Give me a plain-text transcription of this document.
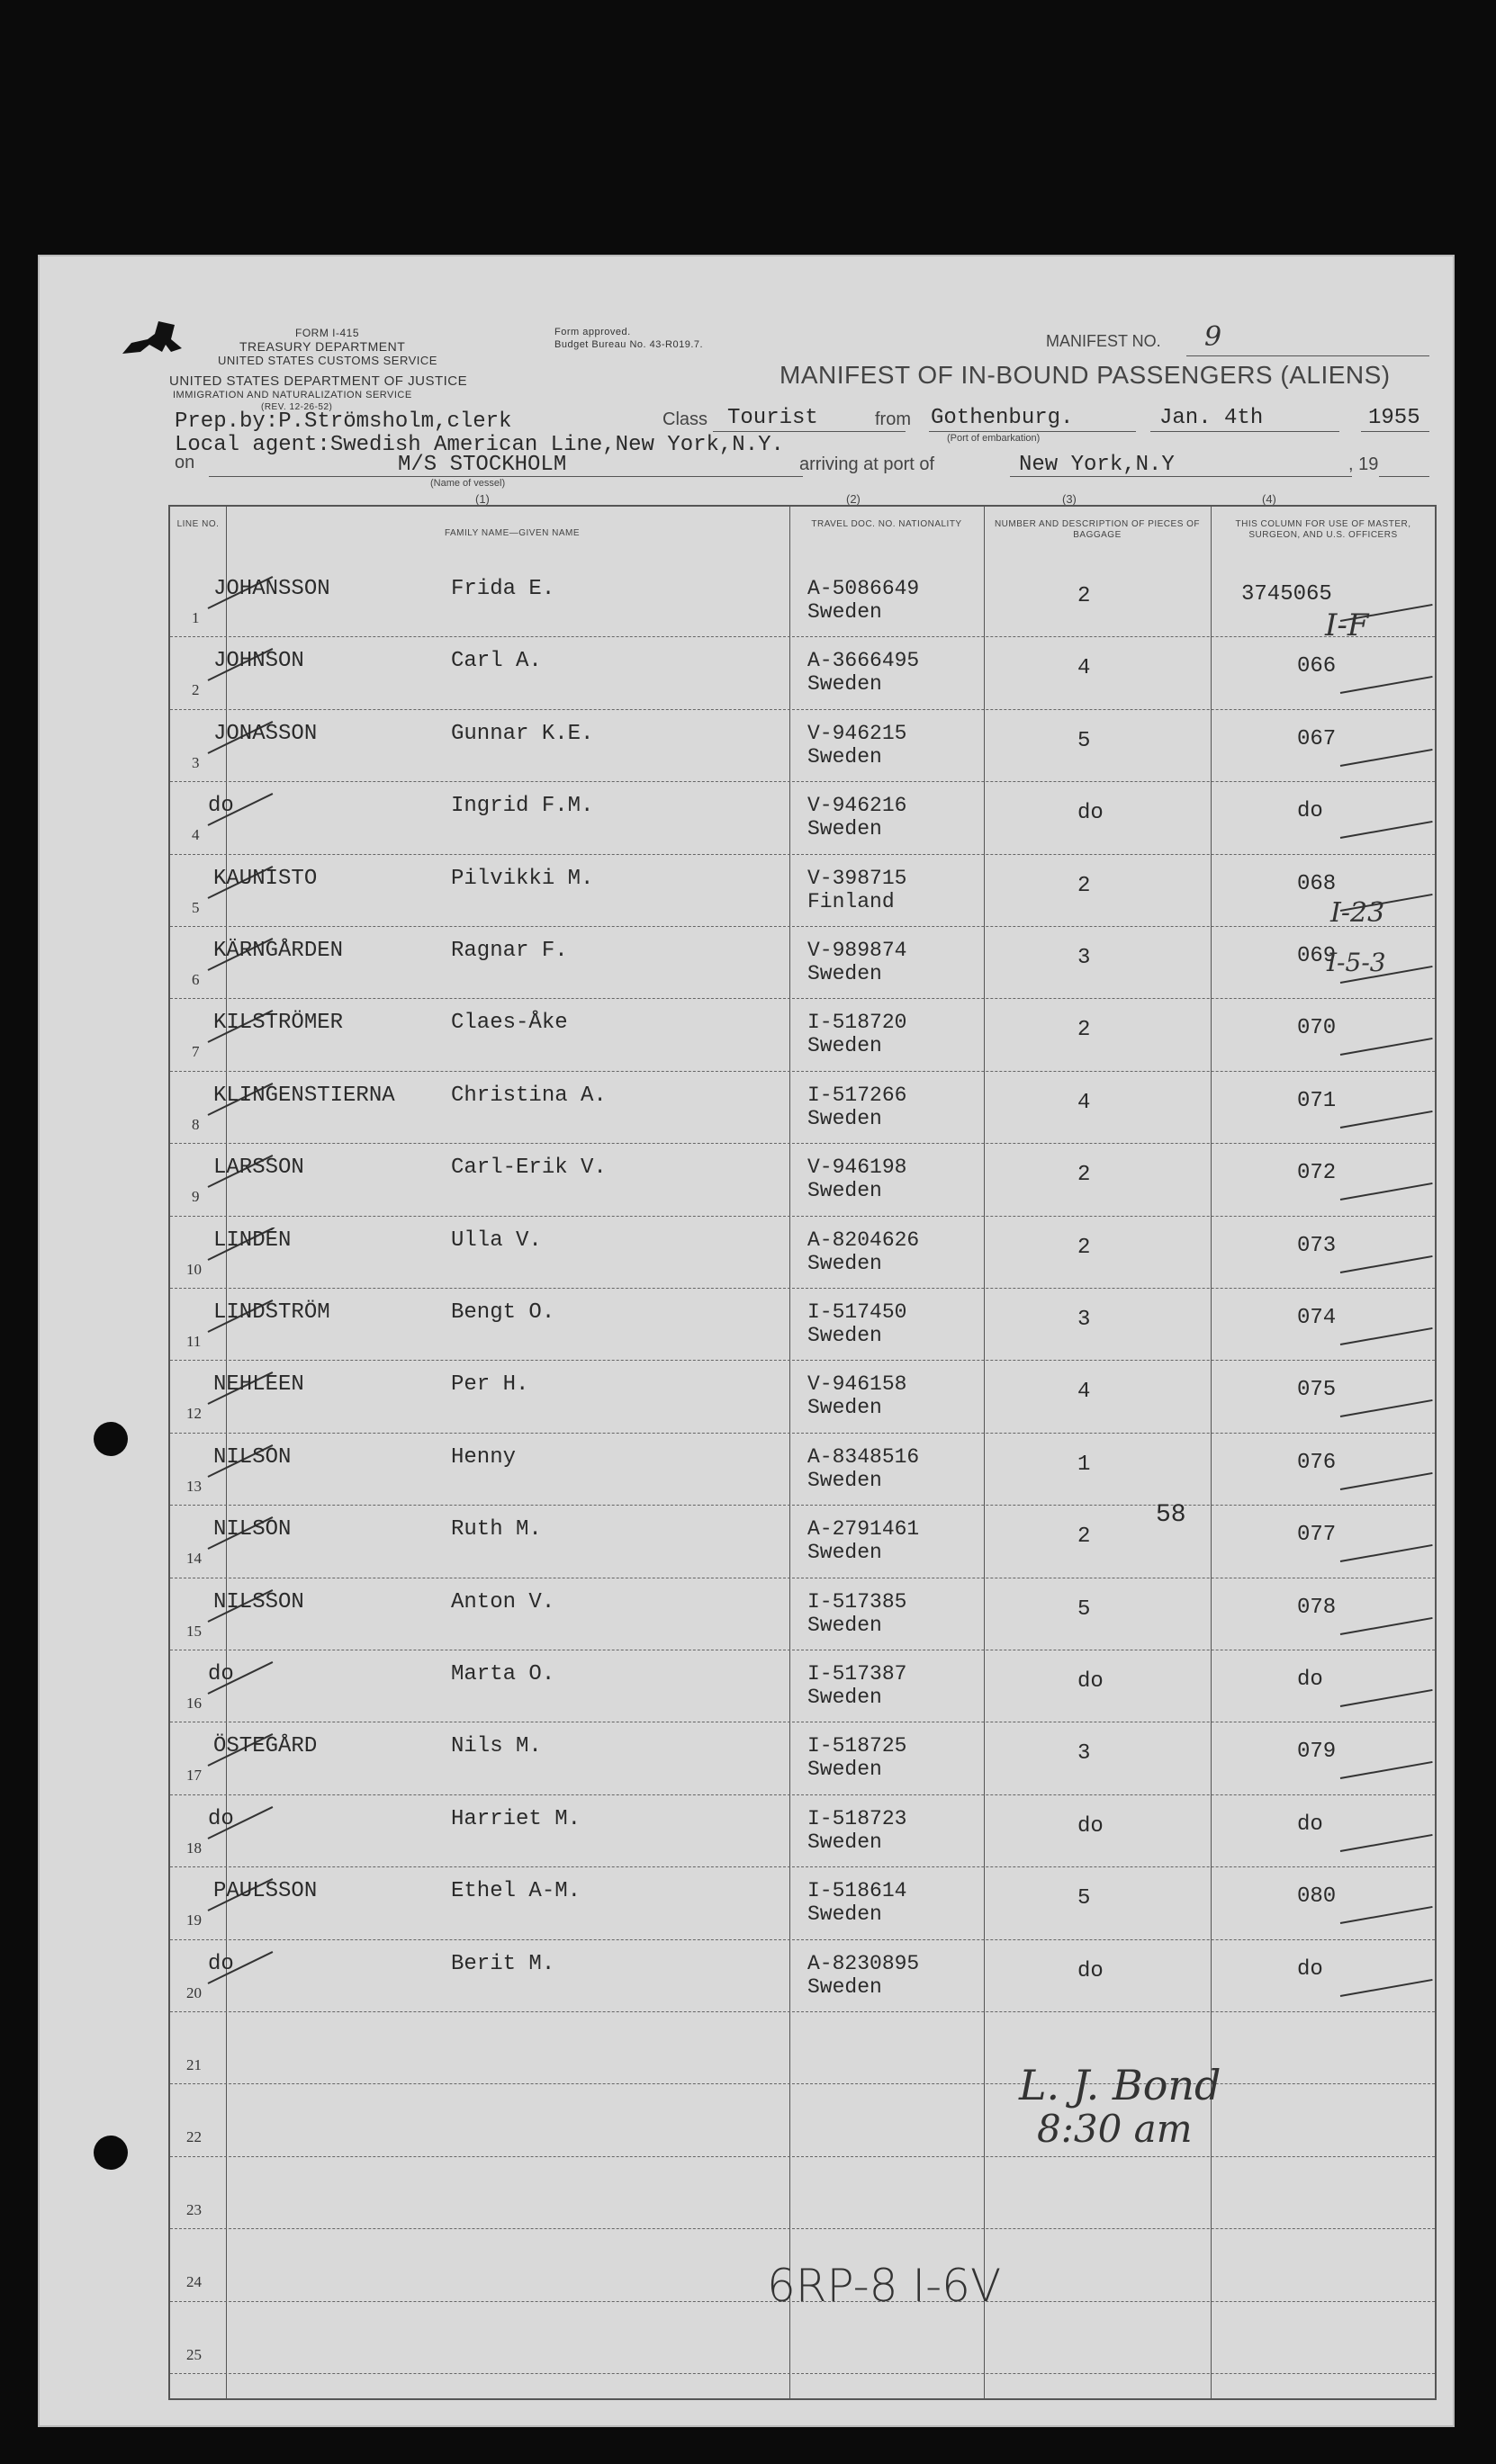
FORM I-415
TREASURY DEPARTMENT
UNITED STATES CUSTOMS SERVICE
UNITED STATES DEPARTMENT OF JUSTICE
IMMIGRATION AND NATURALIZATION SERVICE
(REV. 12-26-52)
Form approved.
Budget Bureau No. 43-R019.7.	MANIFEST NO. 9
MANIFEST OF IN-BOUND PASSENGERS (ALIENS)
Prep.by:P.Strömsholm,clerk
Local agent:Swedish American Line,New York,N.Y.
on	M/S STOCKHOLM
(Name of vessel)
Class Tourist	from Gothenburg.
(Port of embarkation)
Jan. 4th	1955
arriving at port of	New York,N.Y	, 19
(1)	(2)	(3)	(4)
LINE NO.
FAMILY NAME—GIVEN NAME
TRAVEL DOC. NO. NATIONALITY	NUMBER AND DESCRIPTION OF PIECES OF BAGGAGE
THIS COLUMN FOR USE OF MASTER, SURGEON, AND U.S. OFFICERS
1
JOHANSSON	Frida E.	A-5086649
Sweden
2	3745065
2
JOHNSON	Carl A.	A-3666495
Sweden
4	066
3
JONASSON	Gunnar K.E.	V-946215
Sweden
5	067
4
do	Ingrid F.M.	V-946216
Sweden
do	do
5
KAUNISTO	Pilvikki M.	V-398715
Finland
2	068
6
KÄRNGÅRDEN	Ragnar F.	V-989874
Sweden
3	069
7
KILSTRÖMER	Claes-Åke	I-518720
Sweden
2	070
8
KLINGENSTIERNA	Christina A.	I-517266
Sweden
4	071
9
LARSSON	Carl-Erik V.	V-946198
Sweden
2	072
10
LINDÉN	Ulla V.	A-8204626
Sweden
2	073
11
LINDSTRÖM	Bengt O.	I-517450
Sweden
3	074
12
NEHLEEN	Per H.	V-946158
Sweden
4	075
13
NILSON	Henny	A-8348516
Sweden
1	076
14
NILSON	Ruth M.	A-2791461
Sweden
2	077
15
NILSSON	Anton V.	I-517385
Sweden
5	078
16
do	Marta O.	I-517387
Sweden
do	do
17
ÖSTEGÅRD	Nils M.	I-518725
Sweden
3	079
18
do	Harriet M.	I-518723
Sweden
do	do
19
PAULSSON	Ethel A-M.	I-518614
Sweden
5	080
20
do	Berit M.	A-8230895
Sweden
do	do
21
22
23
24
25
I-F
I-23
I-5-3
58
L. J. Bond
8:30 am
6RP-8 I-6V
